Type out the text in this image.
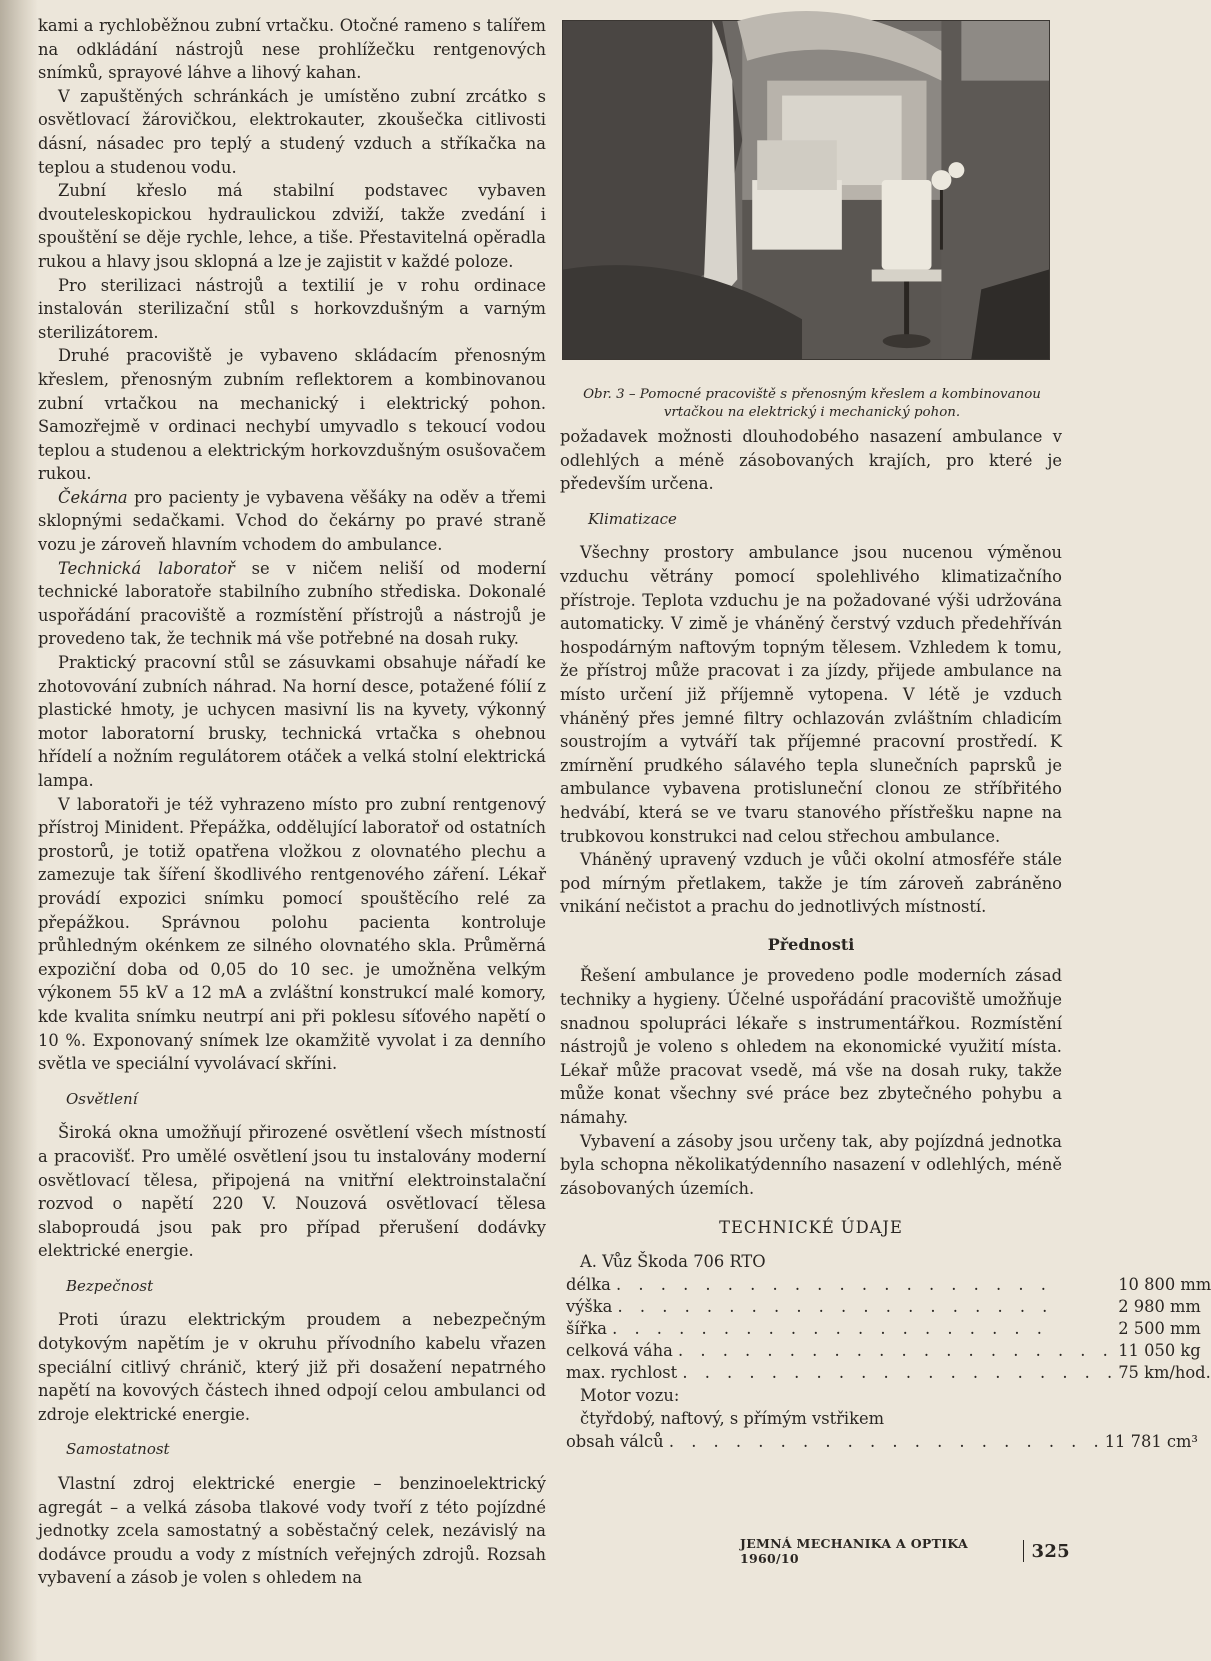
kami a rychloběžnou zubní vrtačku. Otočné rameno s talířem na odkládání nástrojů nese prohlížečku rentgenových snímků, sprayové láhve a lihový kahan.

V zapuštěných schránkách je umístěno zubní zrcátko s osvětlovací žárovičkou, elektrokauter, zkoušečka citlivosti dásní, násadec pro teplý a studený vzduch a stříkačka na teplou a studenou vodu.

Zubní křeslo má stabilní podstavec vybaven dvouteleskopickou hydraulickou zdviží, takže zvedání i spouštění se děje rychle, lehce, a tiše. Přestavitelná opěradla rukou a hlavy jsou sklopná a lze je zajistit v každé poloze.

Pro sterilizaci nástrojů a textilií je v rohu ordinace instalován sterilizační stůl s horkovzdušným a varným sterilizátorem.

Druhé pracoviště je vybaveno skládacím přenosným křeslem, přenosným zubním reflektorem a kombinovanou zubní vrtačkou na mechanický i elektrický pohon. Samozřejmě v ordinaci nechybí umyvadlo s tekoucí vodou teplou a studenou a elektrickým horkovzdušným osušovačem rukou.

Čekárna pro pacienty je vybavena věšáky na oděv a třemi sklopnými sedačkami. Vchod do čekárny po pravé straně vozu je zároveň hlavním vchodem do ambulance.

Technická laboratoř se v ničem neliší od moderní technické laboratoře stabilního zubního střediska. Dokonalé uspořádání pracoviště a rozmístění přístrojů a nástrojů je provedeno tak, že technik má vše potřebné na dosah ruky.

Praktický pracovní stůl se zásuvkami obsahuje nářadí ke zhotovování zubních náhrad. Na horní desce, potažené fólií z plastické hmoty, je uchycen masivní lis na kyvety, výkonný motor laboratorní brusky, technická vrtačka s ohebnou hřídelí a nožním regulátorem otáček a velká stolní elektrická lampa.

V laboratoři je též vyhrazeno místo pro zubní rentgenový přístroj Minident. Přepážka, oddělující laboratoř od ostatních prostorů, je totiž opatřena vložkou z olovnatého plechu a zamezuje tak šíření škodlivého rentgenového záření. Lékař provádí expozici snímku pomocí spouštěcího relé za přepážkou. Správnou polohu pacienta kontroluje průhledným okénkem ze silného olovnatého skla. Průměrná expoziční doba od 0,05 do 10 sec. je umožněna velkým výkonem 55 kV a 12 mA a zvláštní konstrukcí malé komory, kde kvalita snímku neutrpí ani při poklesu síťového napětí o 10 %. Exponovaný snímek lze okamžitě vyvolat i za denního světla ve speciální vyvolávací skříni.

Osvětlení

Široká okna umožňují přirozené osvětlení všech místností a pracovišť. Pro umělé osvětlení jsou tu instalovány moderní osvětlovací tělesa, připojená na vnitřní elektroinstalační rozvod o napětí 220 V. Nouzová osvětlovací tělesa slaboproudá jsou pak pro případ přerušení dodávky elektrické energie.

Bezpečnost

Proti úrazu elektrickým proudem a nebezpečným dotykovým napětím je v okruhu přívodního kabelu vřazen speciální citlivý chránič, který již při dosažení nepatrného napětí na kovových částech ihned odpojí celou ambulanci od zdroje elektrické energie.

Samostatnost

Vlastní zdroj elektrické energie – benzinoelektrický agregát – a velká zásoba tlakové vody tvoří z této pojízdné jednotky zcela samostatný a soběstačný celek, nezávislý na dodávce proudu a vody z místních veřejných zdrojů. Rozsah vybavení a zásob je volen s ohledem na

Obr. 3 – Pomocné pracoviště s přenosným křeslem a kombinovanou vrtačkou na elektrický i mechanický pohon.

požadavek možnosti dlouhodobého nasazení ambulance v odlehlých a méně zásobovaných krajích, pro které je především určena.

Klimatizace

Všechny prostory ambulance jsou nucenou výměnou vzduchu větrány pomocí spolehlivého klimatizačního přístroje. Teplota vzduchu je na požadované výši udržována automaticky. V zimě je vháněný čerstvý vzduch předehříván hospodárným naftovým topným tělesem. Vzhledem k tomu, že přístroj může pracovat i za jízdy, přijede ambulance na místo určení již příjemně vytopena. V létě je vzduch vháněný přes jemné filtry ochlazován zvláštním chladicím soustrojím a vytváří tak příjemné pracovní prostředí. K zmírnění prudkého sálavého tepla slunečních paprsků je ambulance vybavena protisluneční clonou ze stříbřitého hedvábí, která se ve tvaru stanového přístřešku napne na trubkovou konstrukci nad celou střechou ambulance.

Vháněný upravený vzduch je vůči okolní atmosféře stále pod mírným přetlakem, takže je tím zároveň zabráněno vnikání nečistot a prachu do jednotlivých místností.

Přednosti

Řešení ambulance je provedeno podle moderních zásad techniky a hygieny. Účelné uspořádání pracoviště umožňuje snadnou spolupráci lékaře s instrumentářkou. Rozmístění nástrojů je voleno s ohledem na ekonomické využití místa. Lékař může pracovat vsedě, má vše na dosah ruky, takže může konat všechny své práce bez zbytečného pohybu a námahy.

Vybavení a zásoby jsou určeny tak, aby pojízdná jednotka byla schopna několikatýdenního nasazení v odlehlých, méně zásobovaných územích.

TECHNICKÉ ÚDAJE

A. Vůz Škoda 706 RTO

délka . . . . . . . . . . . . . . . . . . . .	10 800 mm
výška . . . . . . . . . . . . . . . . . . . .	2 980 mm
šířka . . . . . . . . . . . . . . . . . . . .	2 500 mm
celková váha . . . . . . . . . . . . . . . . . . . .	11 050 kg
max. rychlost . . . . . . . . . . . . . . . . . . . .	75 km/hod.

Motor vozu:

čtyřdobý, naftový, s přímým vstřikem

obsah válců . . . . . . . . . . . . . . . . . . . .	11 781 cm³
JEMNÁ MECHANIKA A OPTIKA 1960/10	325
